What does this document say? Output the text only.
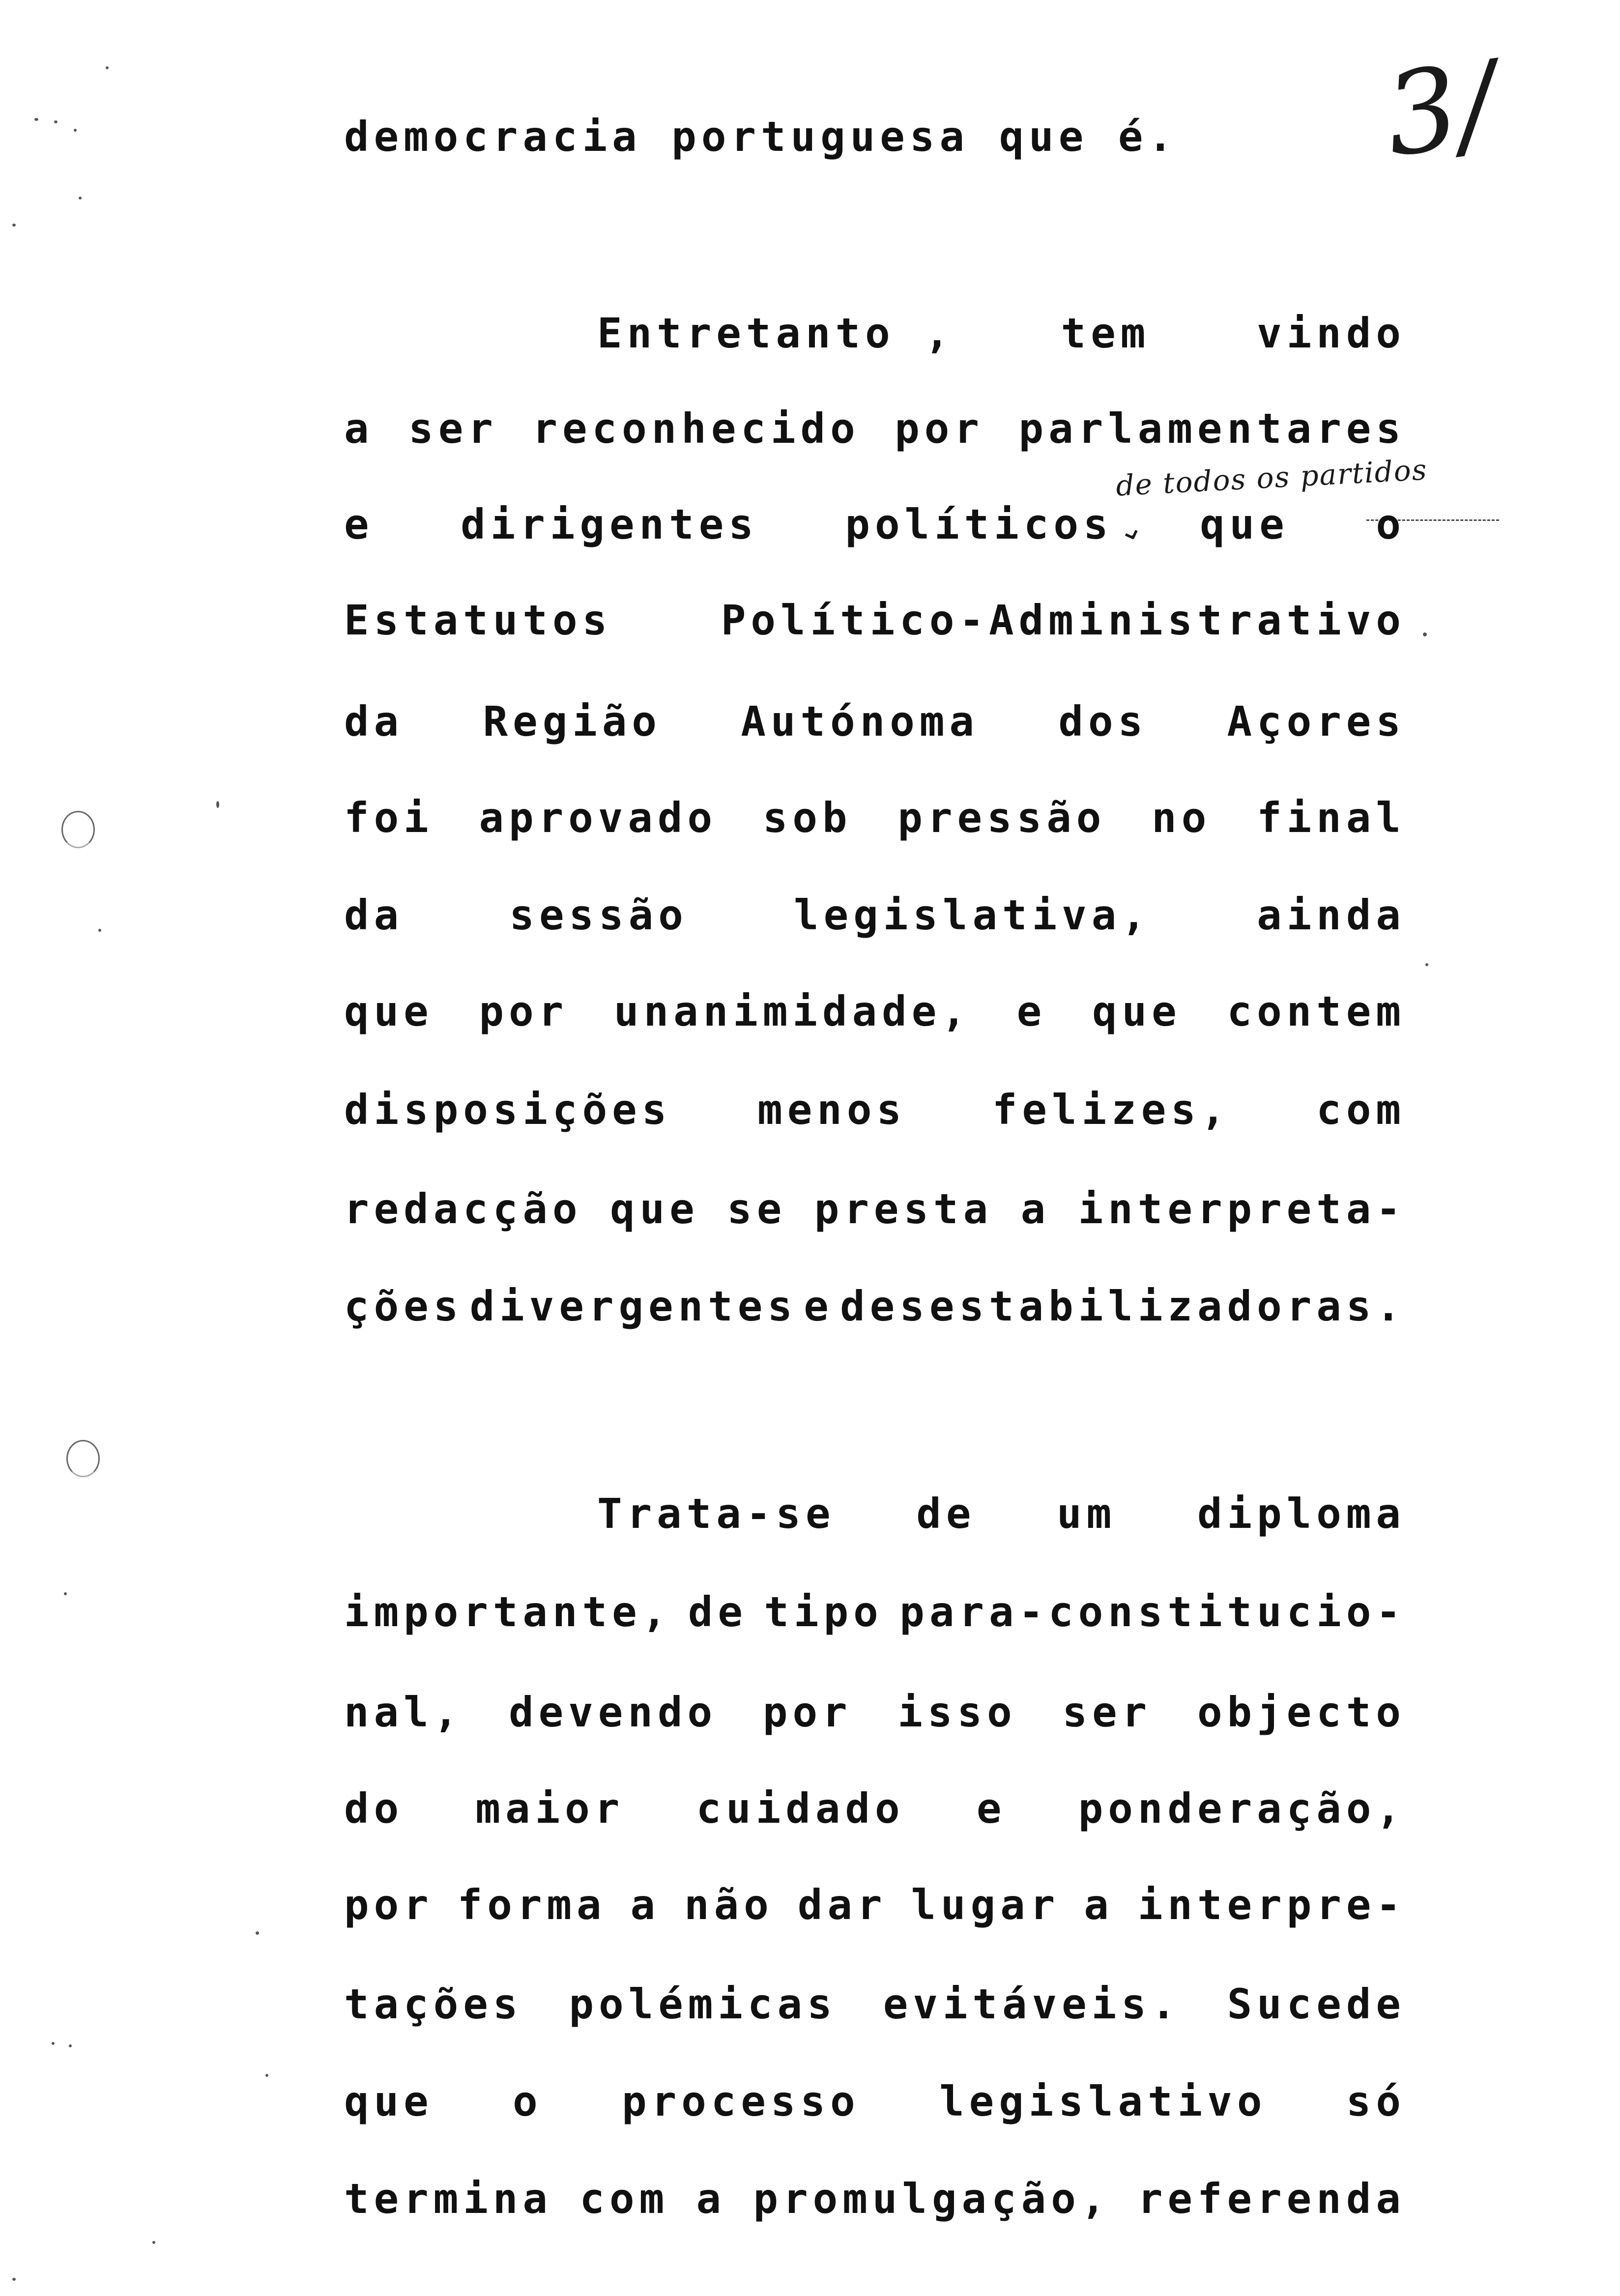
3/
democracia portuguesa que é.
Entretanto ,	tem	vindo
a ser reconhecido por parlamentares
de todos os partidos
⌄
e dirigentes políticos que o
Estatutos	Político-Administrativo
da Região Autónoma dos Açores
foi aprovado sob pressão no final
da	sessão	legislativa,	ainda
que por unanimidade, e que contem
disposições menos felizes, com
redacção que se presta a interpreta-
ções divergentes e desestabilizadoras.
Trata-se de um diploma
importante, de tipo para-constitucio-
nal, devendo por isso ser objecto
do maior cuidado e ponderação,
por forma a não dar lugar a interpre-
tações polémicas evitáveis. Sucede
que o processo legislativo só
termina com a promulgação, referenda
